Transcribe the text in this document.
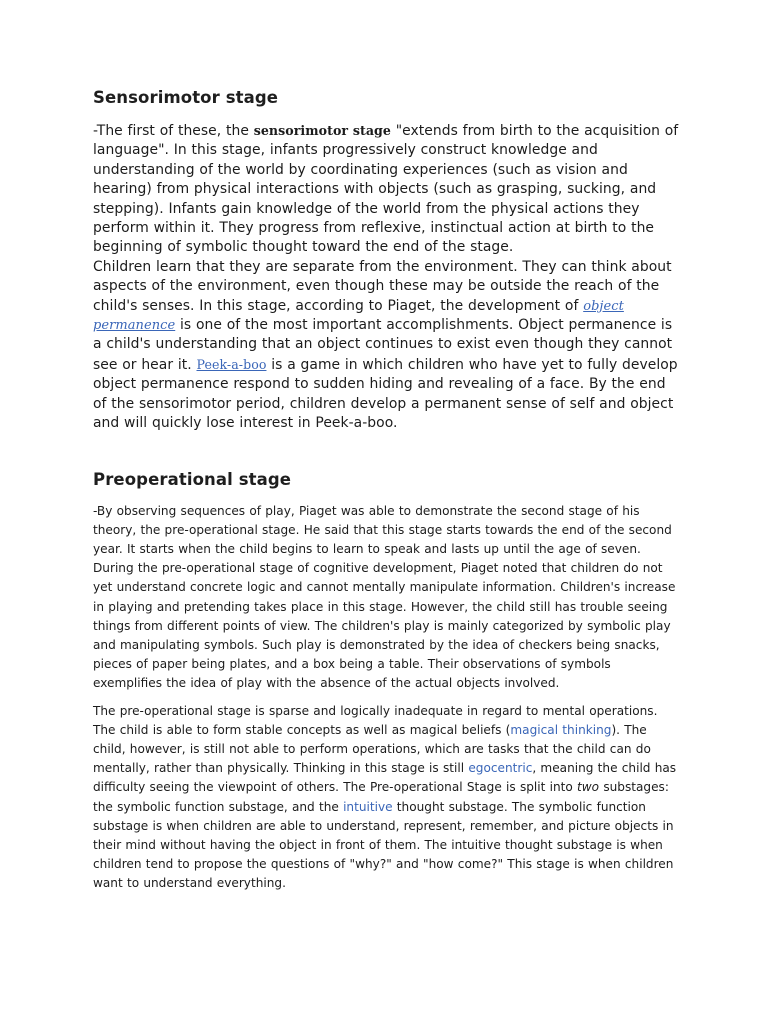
Sensorimotor stage

-The first of these, the sensorimotor stage "extends from birth to the acquisition of language". In this stage, infants progressively construct knowledge and understanding of the world by coordinating experiences (such as vision and hearing) from physical interactions with objects (such as grasping, sucking, and stepping). Infants gain knowledge of the world from the physical actions they perform within it. They progress from reflexive, instinctual action at birth to the beginning of symbolic thought toward the end of the stage.
Children learn that they are separate from the environment. They can think about aspects of the environment, even though these may be outside the reach of the child's senses. In this stage, according to Piaget, the development of object permanence is one of the most important accomplishments. Object permanence is a child's understanding that an object continues to exist even though they cannot see or hear it. Peek-a-boo is a game in which children who have yet to fully develop object permanence respond to sudden hiding and revealing of a face. By the end of the sensorimotor period, children develop a permanent sense of self and object and will quickly lose interest in Peek-a-boo.

Preoperational stage

-By observing sequences of play, Piaget was able to demonstrate the second stage of his theory, the pre-operational stage. He said that this stage starts towards the end of the second year. It starts when the child begins to learn to speak and lasts up until the age of seven. During the pre-operational stage of cognitive development, Piaget noted that children do not yet understand concrete logic and cannot mentally manipulate information. Children's increase in playing and pretending takes place in this stage. However, the child still has trouble seeing things from different points of view. The children's play is mainly categorized by symbolic play and manipulating symbols. Such play is demonstrated by the idea of checkers being snacks, pieces of paper being plates, and a box being a table. Their observations of symbols exemplifies the idea of play with the absence of the actual objects involved.

The pre-operational stage is sparse and logically inadequate in regard to mental operations. The child is able to form stable concepts as well as magical beliefs (magical thinking). The child, however, is still not able to perform operations, which are tasks that the child can do mentally, rather than physically. Thinking in this stage is still egocentric, meaning the child has difficulty seeing the viewpoint of others. The Pre-operational Stage is split into two substages: the symbolic function substage, and the intuitive thought substage. The symbolic function substage is when children are able to understand, represent, remember, and picture objects in their mind without having the object in front of them. The intuitive thought substage is when children tend to propose the questions of "why?" and "how come?" This stage is when children want to understand everything.
